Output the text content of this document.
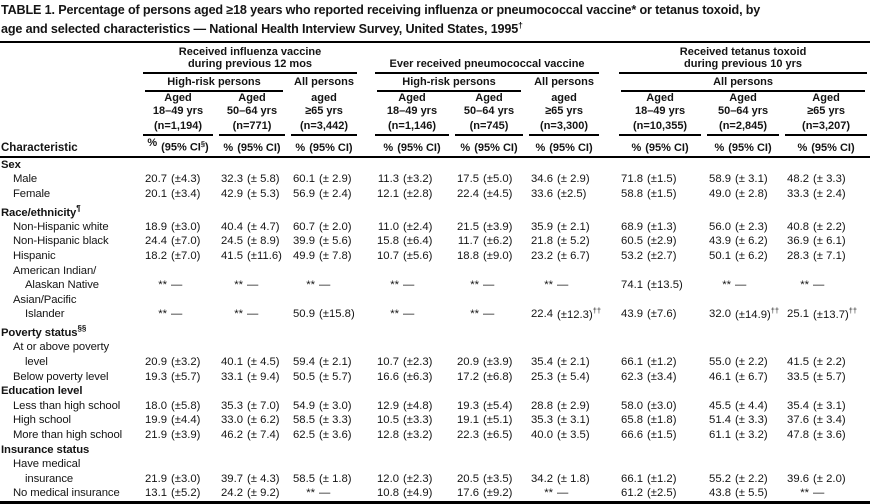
TABLE 1. Percentage of persons aged ≥18 years who reported receiving influenza or pneumococcal vaccine* or tetanus toxoid, by
age and selected characteristics — National Health Interview Survey, United States, 1995†
Characteristic	
Received influenza vaccine
during previous 12 mos		Ever received pneumococcal vaccine

Received tetanus toxoid
during previous 10 yrs

	High-risk persons		All persons		High-risk persons		All persons		All persons		

	Aged	Aged	aged		Aged	Aged	aged		Aged	Aged	Aged
	18–49 yrs	50–64 yrs	≥65 yrs		18–49 yrs	50–64 yrs	≥65 yrs		18–49 yrs	50–64 yrs	≥65 yrs

	(n=1,194)	(n=771)	(n=3,442)		(n=1,146)	(n=745)	(n=3,300)		(n=10,355)	(n=2,845)	(n=3,207)

	% (95% CI§)	% (95% CI)	% (95% CI)		% (95% CI)	% (95% CI)	% (95% CI)		% (95% CI)	% (95% CI)	% (95% CI)

Sex											

Male	20.7 (±4.3)	32.3 (± 5.8)	60.1 (± 2.9)		11.3 (±3.2)	17.5 (±5.0)	34.6 (± 2.9)		71.8 (±1.5)	58.9 (± 3.1)	48.2 (± 3.3)

Female	20.1 (±3.4)	42.9 (± 5.3)	56.9 (± 2.4)		12.1 (±2.8)	22.4 (±4.5)	33.6 (±2.5)		58.8 (±1.5)	49.0 (± 2.8)	33.3 (± 2.4)

Race/ethnicity¶

Non-Hispanic white	18.9 (±3.0)	40.4 (± 4.7)	60.7 (± 2.0)		11.0 (±2.4)	21.5 (±3.9)	35.9 (± 2.1)		68.9 (±1.3)	56.0 (± 2.3)	40.8 (± 2.2)

Non-Hispanic black	24.4 (±7.0)	24.5 (± 8.9)	39.9 (± 5.6)		15.8 (±6.4)	11.7 (±6.2)	21.8 (± 5.2)		60.5 (±2.9)	43.9 (± 6.2)	36.9 (± 6.1)

Hispanic	18.2 (±7.0)	41.5 (±11.6)	49.9 (± 7.8)		10.7 (±5.6)	18.8 (±9.0)	23.2 (± 6.7)		53.2 (±2.7)	50.1 (± 6.2)	28.3 (± 7.1)

American Indian/
Alaskan Native	** —	** —	** —		** —	** —	** —		74.1 (±13.5)	** —	** —

Asian/Pacific
Islander	** —	** —	50.9 (±15.8)		** —	** —	22.4 (±12.3)††		43.9 (±7.6)	32.0 (±14.9)††	25.1 (±13.7)††

Poverty status§§

At or above poverty
level	20.9 (±3.2)	40.1 (± 4.5)	59.4 (± 2.1)		10.7 (±2.3)	20.9 (±3.9)	35.4 (± 2.1)		66.1 (±1.2)	55.0 (± 2.2)	41.5 (± 2.2)

Below poverty level	19.3 (±5.7)	33.1 (± 9.4)	50.5 (± 5.7)		16.6 (±6.3)	17.2 (±6.8)	25.3 (± 5.4)		62.3 (±3.4)	46.1 (± 6.7)	33.5 (± 5.7)

Education level											

Less than high school	18.0 (±5.8)	35.3 (± 7.0)	54.9 (± 3.0)		12.9 (±4.8)	19.3 (±5.4)	28.8 (± 2.9)		58.0 (±3.0)	45.5 (± 4.4)	35.4 (± 3.1)

High school	19.9 (±4.4)	33.0 (± 6.2)	58.5 (± 3.3)		10.5 (±3.3)	19.1 (±5.1)	35.3 (± 3.1)		65.8 (±1.8)	51.4 (± 3.3)	37.6 (± 3.4)

More than high school	21.9 (±3.9)	46.2 (± 7.4)	62.5 (± 3.6)		12.8 (±3.2)	22.3 (±6.5)	40.0 (± 3.5)		66.6 (±1.5)	61.1 (± 3.2)	47.8 (± 3.6)

Insurance status											

Have medical
insurance	21.9 (±3.0)	39.7 (± 4.3)	58.5 (± 1.8)		12.0 (±2.3)	20.5 (±3.5)	34.2 (± 1.8)		66.1 (±1.2)	55.2 (± 2.2)	39.6 (± 2.0)

No medical insurance	13.1 (±5.2)	24.2 (± 9.2)	** —		10.8 (±4.9)	17.6 (±9.2)	** —		61.2 (±2.5)	43.8 (± 5.5)	** —
